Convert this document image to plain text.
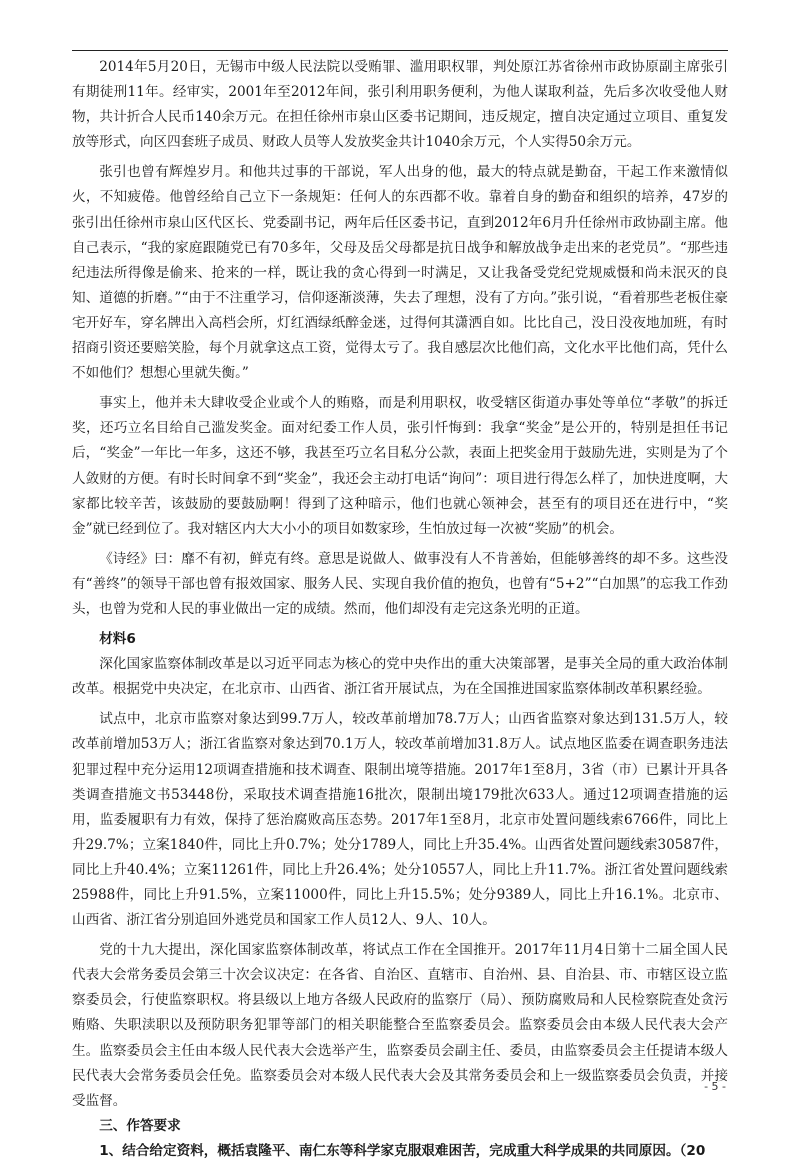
2014年5月20日，无锡市中级人民法院以受贿罪、滥用职权罪，判处原江苏省徐州市政协原副主席张引有期徒刑11年。经审实，2001年至2012年间，张引利用职务便利，为他人谋取利益，先后多次收受他人财物，共计折合人民币140余万元。在担任徐州市泉山区委书记期间，违反规定，擅自决定通过立项目、重复发放等形式，向区四套班子成员、财政人员等人发放奖金共计1040余万元，个人实得50余万元。

张引也曾有辉煌岁月。和他共过事的干部说，军人出身的他，最大的特点就是勤奋，干起工作来激情似火，不知疲倦。他曾经给自己立下一条规矩：任何人的东西都不收。靠着自身的勤奋和组织的培养，47岁的张引出任徐州市泉山区代区长、党委副书记，两年后任区委书记，直到2012年6月升任徐州市政协副主席。他自己表示，“我的家庭跟随党已有70多年，父母及岳父母都是抗日战争和解放战争走出来的老党员”。“那些违纪违法所得像是偷来、抢来的一样，既让我的贪心得到一时满足，又让我备受党纪党规威慑和尚未泯灭的良知、道德的折磨。”“由于不注重学习，信仰逐渐淡薄，失去了理想，没有了方向。”张引说，“看着那些老板住豪宅开好车，穿名牌出入高档会所，灯红酒绿纸醉金迷，过得何其潇洒自如。比比自己，没日没夜地加班，有时招商引资还要赔笑脸，每个月就拿这点工资，觉得太亏了。我自感层次比他们高，文化水平比他们高，凭什么不如他们？想想心里就失衡。”

事实上，他并未大肆收受企业或个人的贿赂，而是利用职权，收受辖区街道办事处等单位“孝敬”的拆迁奖，还巧立名目给自己滥发奖金。面对纪委工作人员，张引忏悔到：我拿“奖金”是公开的，特别是担任书记后，“奖金”一年比一年多，这还不够，我甚至巧立名目私分公款，表面上把奖金用于鼓励先进，实则是为了个人敛财的方便。有时长时间拿不到“奖金”，我还会主动打电话“询问”：项目进行得怎么样了，加快进度啊，大家都比较辛苦，该鼓励的要鼓励啊！得到了这种暗示，他们也就心领神会，甚至有的项目还在进行中，“奖金”就已经到位了。我对辖区内大大小小的项目如数家珍，生怕放过每一次被“奖励”的机会。

《诗经》曰：靡不有初，鲜克有终。意思是说做人、做事没有人不肯善始，但能够善终的却不多。这些没有“善终”的领导干部也曾有报效国家、服务人民、实现自我价值的抱负，也曾有“5+2”“白加黑”的忘我工作劲头，也曾为党和人民的事业做出一定的成绩。然而，他们却没有走完这条光明的正道。

材料6

深化国家监察体制改革是以习近平同志为核心的党中央作出的重大决策部署，是事关全局的重大政治体制改革。根据党中央决定，在北京市、山西省、浙江省开展试点，为在全国推进国家监察体制改革积累经验。

试点中，北京市监察对象达到99.7万人，较改革前增加78.7万人；山西省监察对象达到131.5万人，较改革前增加53万人；浙江省监察对象达到70.1万人，较改革前增加31.8万人。试点地区监委在调查职务违法犯罪过程中充分运用12项调查措施和技术调查、限制出境等措施。2017年1至8月，3省（市）已累计开具各类调查措施文书53448份，采取技术调查措施16批次，限制出境179批次633人。通过12项调查措施的运用，监委履职有力有效，保持了惩治腐败高压态势。2017年1至8月，北京市处置问题线索6766件，同比上升29.7%；立案1840件，同比上升0.7%；处分1789人，同比上升35.4%。山西省处置问题线索30587件，同比上升40.4%；立案11261件，同比上升26.4%；处分10557人，同比上升11.7%。浙江省处置问题线索25988件，同比上升91.5%，立案11000件，同比上升15.5%；处分9389人，同比上升16.1%。北京市、山西省、浙江省分别追回外逃党员和国家工作人员12人、9人、10人。

党的十九大提出，深化国家监察体制改革，将试点工作在全国推开。2017年11月4日第十二届全国人民代表大会常务委员会第三十次会议决定：在各省、自治区、直辖市、自治州、县、自治县、市、市辖区设立监察委员会，行使监察职权。将县级以上地方各级人民政府的监察厅（局）、预防腐败局和人民检察院查处贪污贿赂、失职渎职以及预防职务犯罪等部门的相关职能整合至监察委员会。监察委员会由本级人民代表大会产生。监察委员会主任由本级人民代表大会选举产生，监察委员会副主任、委员，由监察委员会主任提请本级人民代表大会常务委员会任免。监察委员会对本级人民代表大会及其常务委员会和上一级监察委员会负责，并接受监督。

三、作答要求

1、结合给定资料，概括袁隆平、南仁东等科学家克服艰难困苦，完成重大科学成果的共同原因。（20

- 5 -
